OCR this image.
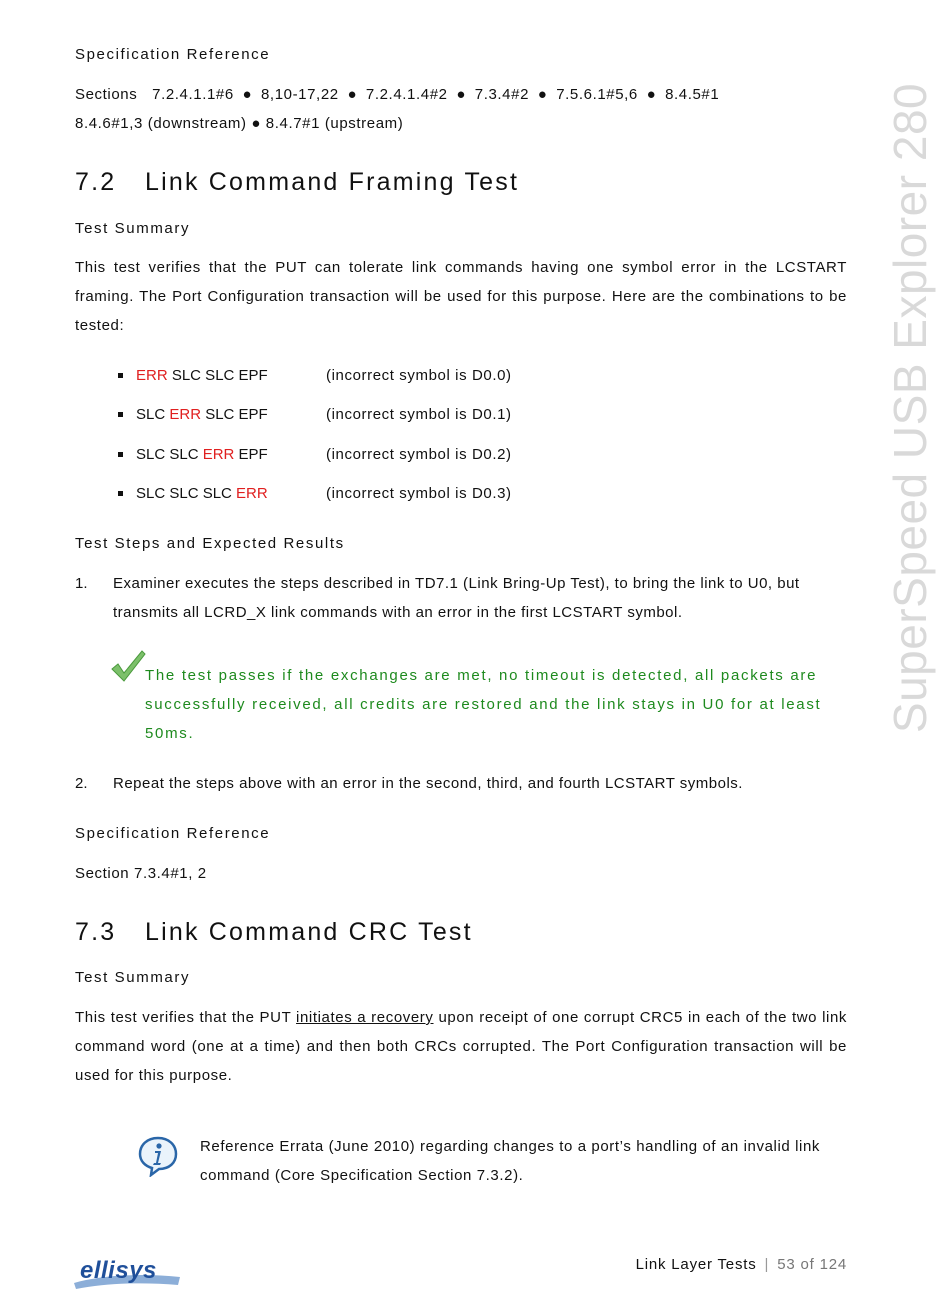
Specification Reference
Sections 7.2.4.1.1#6 ● 8,10-17,22 ● 7.2.4.1.4#2 ● 7.3.4#2 ● 7.5.6.1#5,6 ● 8.4.5#1
8.4.6#1,3 (downstream) ● 8.4.7#1 (upstream)
7.2 Link Command Framing Test
Test Summary
This test verifies that the PUT can tolerate link commands having one symbol error in the LCSTART framing. The Port Configuration transaction will be used for this purpose. Here are the combinations to be tested:
ERR SLC SLC EPF	(incorrect symbol is D0.0)
SLC ERR SLC EPF	(incorrect symbol is D0.1)
SLC SLC ERR EPF	(incorrect symbol is D0.2)
SLC SLC SLC ERR	(incorrect symbol is D0.3)
Test Steps and Expected Results
1. Examiner executes the steps described in TD7.1 (Link Bring-Up Test), to bring the link to U0, but transmits all LCRD_X link commands with an error in the first LCSTART symbol.
The test passes if the exchanges are met, no timeout is detected, all packets are successfully received, all credits are restored and the link stays in U0 for at least 50ms.
2. Repeat the steps above with an error in the second, third, and fourth LCSTART symbols.
Specification Reference
Section 7.3.4#1, 2
7.3 Link Command CRC Test
Test Summary
This test verifies that the PUT initiates a recovery upon receipt of one corrupt CRC5 in each of the two link command word (one at a time) and then both CRCs corrupted. The Port Configuration transaction will be used for this purpose.
Reference Errata (June 2010) regarding changes to a port’s handling of an invalid link command (Core Specification Section 7.3.2).
SuperSpeed USB Explorer 280
ellisys	Link Layer Tests | 53 of 124
